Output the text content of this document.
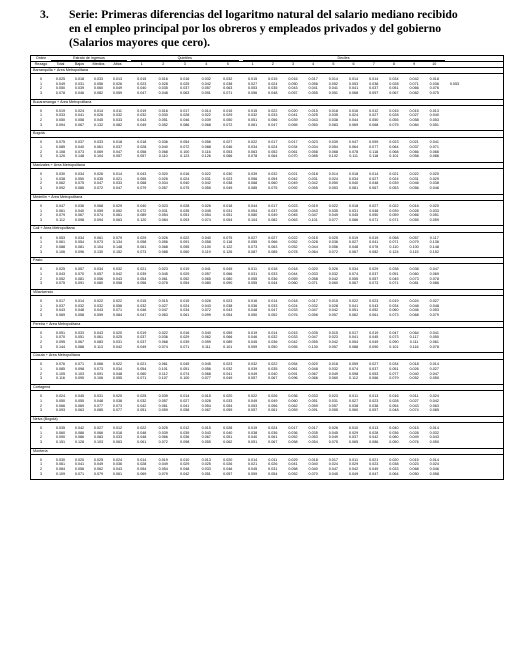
3. Serie: Primeras diferencias del logaritmo natural del salario mediano recibido
en el empleo principal por los obreros y empleados privados y del gobierno
(Salarios mayores que cero).
Orden	Estrato de ingresos	Quintiles	Deciles
Rezago	Total	Bajos	Medios	Altos	1	2	3	4	5	1	2	3	4	5	6	7	8	9	10
Barranquilla + Área Metropolitana
0	0.025	0.018	0.033	0.013	0.015	0.016	0.016	0.032	0.032	0.015	0.015	0.016	0.017	0.014	0.014	0.014	0.034	0.042	0.018
1	0.049	0.031	0.056	0.026	0.023	0.028	0.025	0.042	0.038	0.027	0.024	0.050	0.056	0.052	0.053	0.038	0.028	0.071	0.036	0.053
2	0.050	0.039	0.060	0.049	0.040	0.035	0.037	0.057	0.063	0.053	0.035	0.043	0.041	0.041	0.041	0.037	0.051	0.066	0.076
3	0.078	0.046	0.082	0.059	0.047	0.048	0.063	0.091	0.071	0.056	0.048	0.057	0.055	0.051	0.068	0.097	0.067	0.082	0.075
Bucaramanga + Área Metropolitana
0	0.019	0.024	0.014	0.011	0.019	0.016	0.017	0.014	0.015	0.015	0.022	0.020	0.015	0.018	0.016	0.012	0.015	0.015	0.013
1	0.033	0.041	0.026	0.032	0.032	0.030	0.028	0.022	0.029	0.032	0.033	0.041	0.025	0.035	0.024	0.027	0.028	0.027	0.040
2	0.050	0.058	0.045	0.033	0.043	0.051	0.046	0.039	0.050	0.051	0.056	0.039	0.043	0.038	0.044	0.050	0.055	0.058	0.053
3	0.094	0.067	0.132	0.082	0.049	0.052	0.086	0.068	0.072	0.061	0.047	0.065	0.050	0.083	0.069	0.068	0.075	0.084	0.051
Bogotá
0	0.075	0.037	0.033	0.018	0.018	0.036	0.054	0.056	0.027	0.022	0.017	0.017	0.023	0.039	0.047	0.059	0.023	0.021	0.041
1	0.085	0.040	0.061	0.037	0.028	0.040	0.072	0.088	0.046	0.034	0.024	0.034	0.034	0.054	0.064	0.077	0.064	0.037	0.071
2	0.108	0.073	0.069	0.047	0.058	0.068	0.100	0.116	0.053	0.063	0.052	0.061	0.058	0.068	0.078	0.118	0.068	0.066	0.066
3	0.120	0.148	0.104	0.057	0.057	0.110	0.123	0.126	0.066	0.078	0.064	0.070	0.085	0.102	0.111	0.118	0.101	0.058	0.086
Manizales + Área Metropolitana
0	0.030	0.034	0.026	0.014	0.043	0.020	0.016	0.022	0.030	0.039	0.032	0.021	0.018	0.014	0.018	0.014	0.021	0.022	0.020
1	0.038	0.050	0.035	0.021	0.055	0.026	0.024	0.031	0.023	0.056	0.054	0.042	0.031	0.024	0.034	0.027	0.024	0.031	0.029
2	0.062	0.075	0.047	0.033	0.068	0.034	0.040	0.042	0.038	0.068	0.060	0.049	0.042	0.050	0.040	0.048	0.039	0.046	0.038
3	0.092	0.085	0.072	0.047	0.079	0.057	0.075	0.055	0.049	0.085	0.075	0.092	0.055	0.053	0.081	0.067	0.053	0.056	0.046
Medellín + Área Metropolitana
0	0.047	0.036	0.068	0.029	0.040	0.023	0.028	0.026	0.018	0.044	0.017	0.023	0.019	0.022	0.018	0.027	0.022	0.016	0.020
1	0.061	0.040	0.059	0.052	0.072	0.031	0.035	0.045	0.031	0.054	0.037	0.028	0.043	0.035	0.031	0.048	0.039	0.028	0.033
2	0.079	0.067	0.074	0.061	0.089	0.054	0.051	0.054	0.051	0.080	0.049	0.045	0.047	0.049	0.045	0.050	0.059	0.066	0.051
3	0.112	0.098	0.094	0.063	0.120	0.084	0.093	0.074	0.054	0.104	0.082	0.063	0.101	0.077	0.086	0.071	0.071	0.055	0.059
Cali + Área Metropolitana
0	0.053	0.034	0.061	0.079	0.029	0.026	0.022	0.040	0.075	0.027	0.027	0.022	0.015	0.025	0.019	0.019	0.058	0.057	0.117
1	0.061	0.054	0.073	0.134	0.058	0.056	0.091	0.058	0.118	0.055	0.066	0.052	0.028	0.036	0.027	0.041	0.071	0.079	0.136
2	0.088	0.081	0.104	0.148	0.061	0.068	0.055	0.100	0.122	0.073	0.063	0.052	0.044	0.056	0.048	0.076	0.110	0.100	0.148
3	0.106	0.096	0.130	0.152	0.073	0.088	0.060	0.119	0.126	0.087	0.085	0.078	0.064	0.072	0.067	0.082	0.124	0.115	0.152
Pasto
0	0.025	0.057	0.034	0.032	0.021	0.023	0.019	0.041	0.049	0.011	0.018	0.018	0.020	0.026	0.034	0.029	0.038	0.038	0.047
1	0.043	0.070	0.057	0.042	0.039	0.045	0.029	0.057	0.066	0.031	0.033	0.044	0.033	0.032	0.074	0.037	0.051	0.060	0.069
2	0.052	0.081	0.056	0.043	0.054	0.061	0.052	0.065	0.080	0.055	0.036	0.059	0.058	0.042	0.055	0.057	0.045	0.073	0.078
3	0.075	0.091	0.080	0.058	0.056	0.078	0.054	0.080	0.090	0.055	0.044	0.060	0.071	0.060	0.067	0.073	0.071	0.081	0.086
Villavicencio
0	0.017	0.014	0.022	0.022	0.015	0.015	0.015	0.026	0.023	0.016	0.014	0.018	0.017	0.015	0.022	0.023	0.019	0.024	0.027
1	0.037	0.032	0.032	0.056	0.032	0.027	0.024	0.043	0.038	0.036	0.033	0.024	0.032	0.028	0.041	0.043	0.034	0.048	0.048
2	0.043	0.048	0.043	0.071	0.046	0.047	0.034	0.072	0.043	0.048	0.047	0.033	0.047	0.042	0.051	0.052	0.060	0.046	0.053
3	0.069	0.058	0.059	0.084	0.047	0.063	0.061	0.099	0.054	0.050	0.052	0.076	0.056	0.057	0.062	0.061	0.073	0.068	0.079
Pereira + Área Metropolitana
0	0.051	0.033	0.043	0.020	0.019	0.022	0.016	0.040	0.059	0.019	0.014	0.015	0.035	0.015	0.017	0.019	0.047	0.064	0.041
1	0.070	0.051	0.061	0.025	0.037	0.036	0.029	0.062	0.066	0.046	0.032	0.033	0.047	0.023	0.041	0.045	0.073	0.117	0.050
2	0.095	0.067	0.083	0.031	0.037	0.068	0.039	0.099	0.089	0.045	0.036	0.042	0.055	0.042	0.054	0.049	0.090	0.111	0.061
3	0.144	0.088	0.113	0.042	0.049	0.074	0.071	0.111	0.101	0.059	0.050	0.055	0.130	0.057	0.088	0.090	0.101	0.116	0.078
Cúcuta + Área Metropolitana
0	0.076	0.071	0.066	0.022	0.021	0.061	0.045	0.045	0.023	0.032	0.022	0.054	0.020	0.018	0.059	0.027	0.034	0.018	0.014
1	0.085	0.098	0.073	0.034	0.054	0.101	0.051	0.056	0.032	0.039	0.035	0.061	0.048	0.032	0.074	0.037	0.051	0.026	0.027
2	0.105	0.103	0.091	0.048	0.060	0.112	0.074	0.068	0.041	0.049	0.040	0.091	0.067	0.049	0.098	0.053	0.077	0.040	0.047
3	0.116	0.095	0.106	0.055	0.071	0.107	0.100	0.077	0.049	0.057	0.067	0.096	0.066	0.060	0.112	0.066	0.079	0.052	0.050
Cartagena
0	0.024	0.045	0.031	0.020	0.025	0.039	0.014	0.015	0.020	0.022	0.026	0.036	0.033	0.023	0.011	0.013	0.016	0.011	0.024
1	0.050	0.055	0.048	0.038	0.032	0.057	0.027	0.028	0.033	0.049	0.049	0.060	0.051	0.031	0.027	0.023	0.028	0.027	0.042
2	0.066	0.069	0.077	0.073	0.042	0.061	0.041	0.054	0.054	0.053	0.056	0.062	0.059	0.057	0.038	0.038	0.054	0.043	0.063
3	0.093	0.063	0.085	0.077	0.051	0.059	0.058	0.067	0.059	0.057	0.061	0.059	0.091	0.055	0.060	0.057	0.048	0.074	0.085
Neiva (Bogotá)
0	0.035	0.042	0.027	0.012	0.022	0.025	0.012	0.015	0.028	0.019	0.024	0.017	0.017	0.026	0.010	0.013	0.040	0.015	0.014
1	0.060	0.086	0.066	0.018	0.048	0.039	0.039	0.043	0.040	0.038	0.036	0.036	0.035	0.045	0.029	0.028	0.036	0.028	0.032
2	0.090	0.086	0.083	0.033	0.048	0.066	0.036	0.067	0.051	0.040	0.061	0.052	0.053	0.049	0.037	0.042	0.060	0.049	0.043
3	0.151	0.128	0.103	0.063	0.061	0.072	0.098	0.055	0.062	0.051	0.067	0.058	0.054	0.075	0.065	0.086	0.050	0.076	0.050
Montería
0	0.030	0.020	0.025	0.024	0.014	0.019	0.010	0.013	0.020	0.014	0.011	0.029	0.018	0.017	0.011	0.021	0.020	0.015	0.014
1	0.061	0.041	0.049	0.036	0.028	0.049	0.029	0.025	0.026	0.021	0.026	0.041	0.040	0.024	0.029	0.023	0.038	0.023	0.024
2	0.084	0.056	0.062	0.043	0.054	0.054	0.048	0.033	0.046	0.045	0.031	0.058	0.040	0.047	0.042	0.049	0.033	0.068	0.046
3	0.109	0.071	0.079	0.061	0.069	0.079	0.042	0.051	0.057	0.059	0.054	0.052	0.070	0.045	0.049	0.047	0.064	0.050	0.058
